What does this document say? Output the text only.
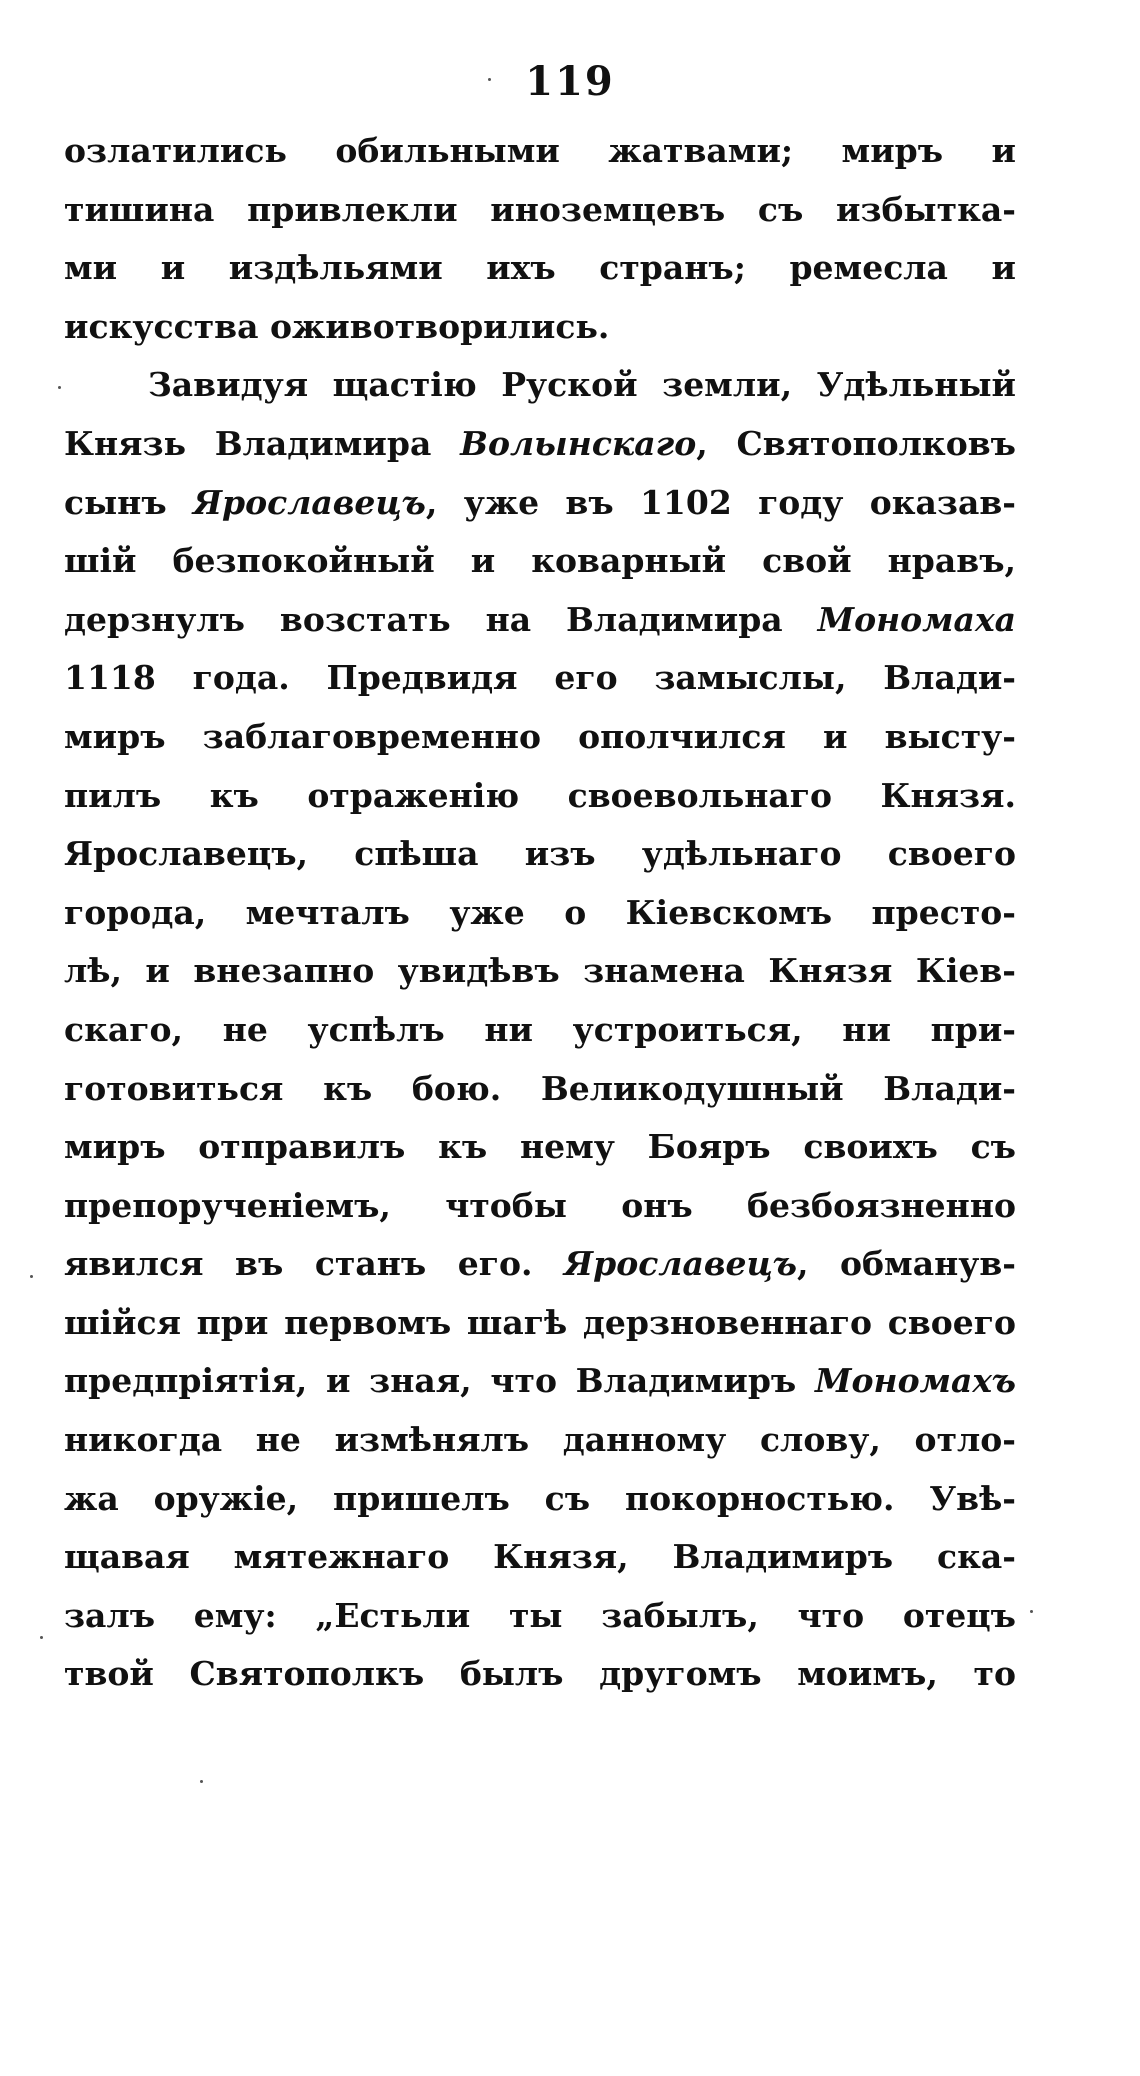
119
озлатились обильными жатвами; миръ и
тишина привлекли иноземцевъ съ избытка-
ми и издѣльями ихъ странъ; ремесла и
искусства оживотворились.
Завидуя щастію Руской земли, Удѣльный
Князь Владимира Волынскаго, Святополковъ
сынъ Ярославецъ, уже въ 1102 году оказав-
шій безпокойный и коварный свой нравъ,
дерзнулъ возстать на Владимира Мономаха
1118 года. Предвидя его замыслы, Влади-
миръ заблаговременно ополчился и высту-
пилъ къ отраженію своевольнаго Князя.
Ярославецъ, спѣша изъ удѣльнаго своего
города, мечталъ уже о Кіевскомъ престо-
лѣ, и внезапно увидѣвъ знамена Князя Кіев-
скаго, не успѣлъ ни устроиться, ни при-
готовиться къ бою. Великодушный Влади-
миръ отправилъ къ нему Бояръ своихъ съ
препорученіемъ, чтобы онъ безбоязненно
явился въ станъ его. Ярославецъ, обманув-
шійся при первомъ шагѣ дерзновеннаго своего
предпріятія, и зная, что Владимиръ Мономахъ
никогда не измѣнялъ данному слову, отло-
жа оружіе, пришелъ съ покорностью. Увѣ-
щавая мятежнаго Князя, Владимиръ ска-
залъ ему: „Естьли ты забылъ, что отецъ
твой Святополкъ былъ другомъ моимъ, то
